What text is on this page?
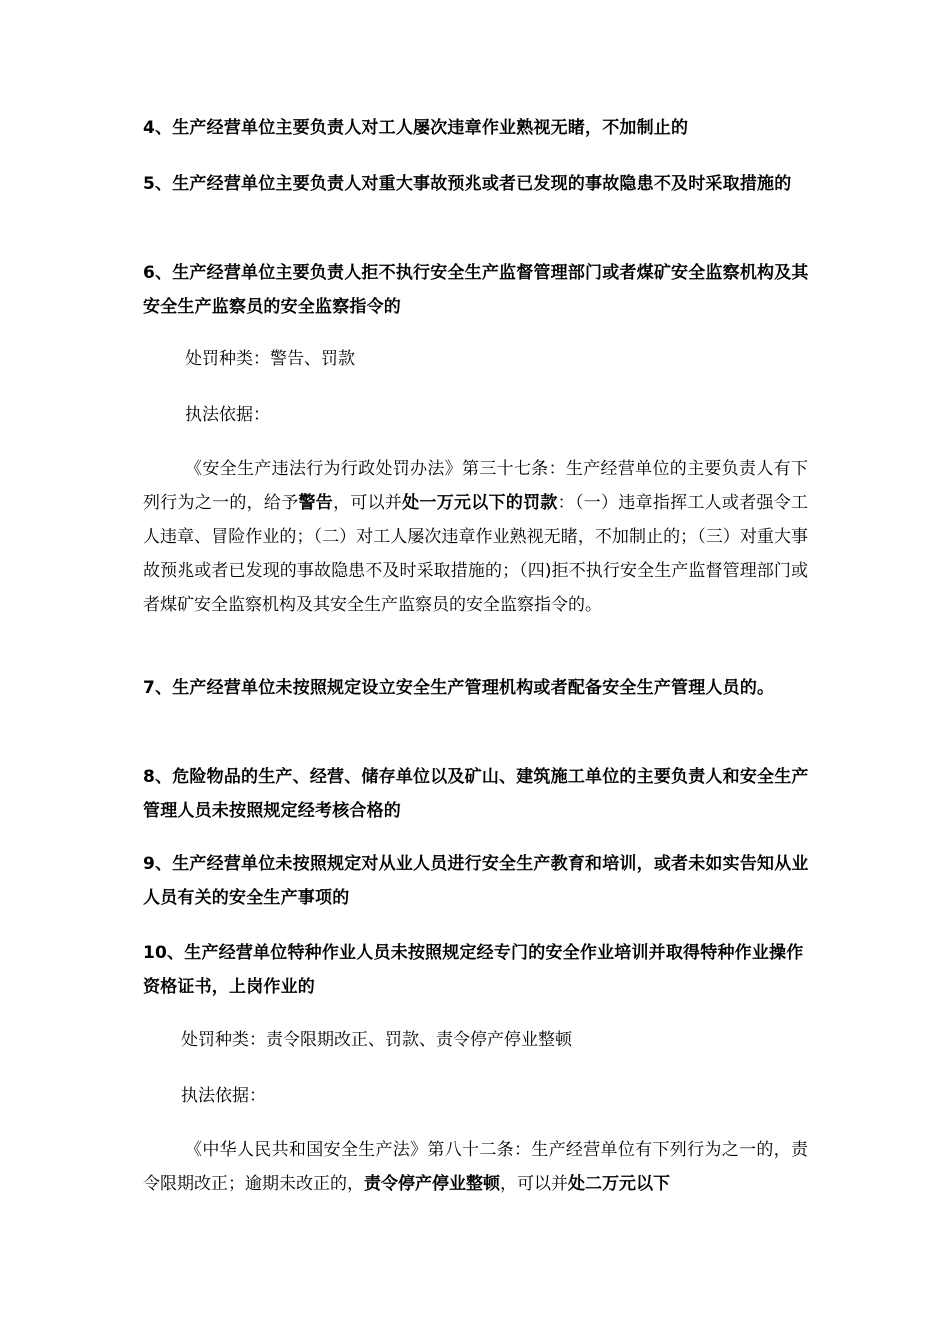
4、生产经营单位主要负责人对工人屡次违章作业熟视无睹，不加制止的
5、生产经营单位主要负责人对重大事故预兆或者已发现的事故隐患不及时采取措施的
6、生产经营单位主要负责人拒不执行安全生产监督管理部门或者煤矿安全监察机构及其安全生产监察员的安全监察指令的
处罚种类：警告、罚款
执法依据：
《安全生产违法行为行政处罚办法》第三十七条：生产经营单位的主要负责人有下列行为之一的，给予警告，可以并处一万元以下的罚款：（一）违章指挥工人或者强令工人违章、冒险作业的；（二）对工人屡次违章作业熟视无睹，不加制止的；（三）对重大事故预兆或者已发现的事故隐患不及时采取措施的；（四)拒不执行安全生产监督管理部门或者煤矿安全监察机构及其安全生产监察员的安全监察指令的。
7、生产经营单位未按照规定设立安全生产管理机构或者配备安全生产管理人员的。
8、危险物品的生产、经营、储存单位以及矿山、建筑施工单位的主要负责人和安全生产管理人员未按照规定经考核合格的
9、生产经营单位未按照规定对从业人员进行安全生产教育和培训，或者未如实告知从业人员有关的安全生产事项的
10、生产经营单位特种作业人员未按照规定经专门的安全作业培训并取得特种作业操作资格证书，上岗作业的
处罚种类：责令限期改正、罚款、责令停产停业整顿
执法依据：
《中华人民共和国安全生产法》第八十二条：生产经营单位有下列行为之一的，责令限期改正；逾期未改正的，责令停产停业整顿，可以并处二万元以下
